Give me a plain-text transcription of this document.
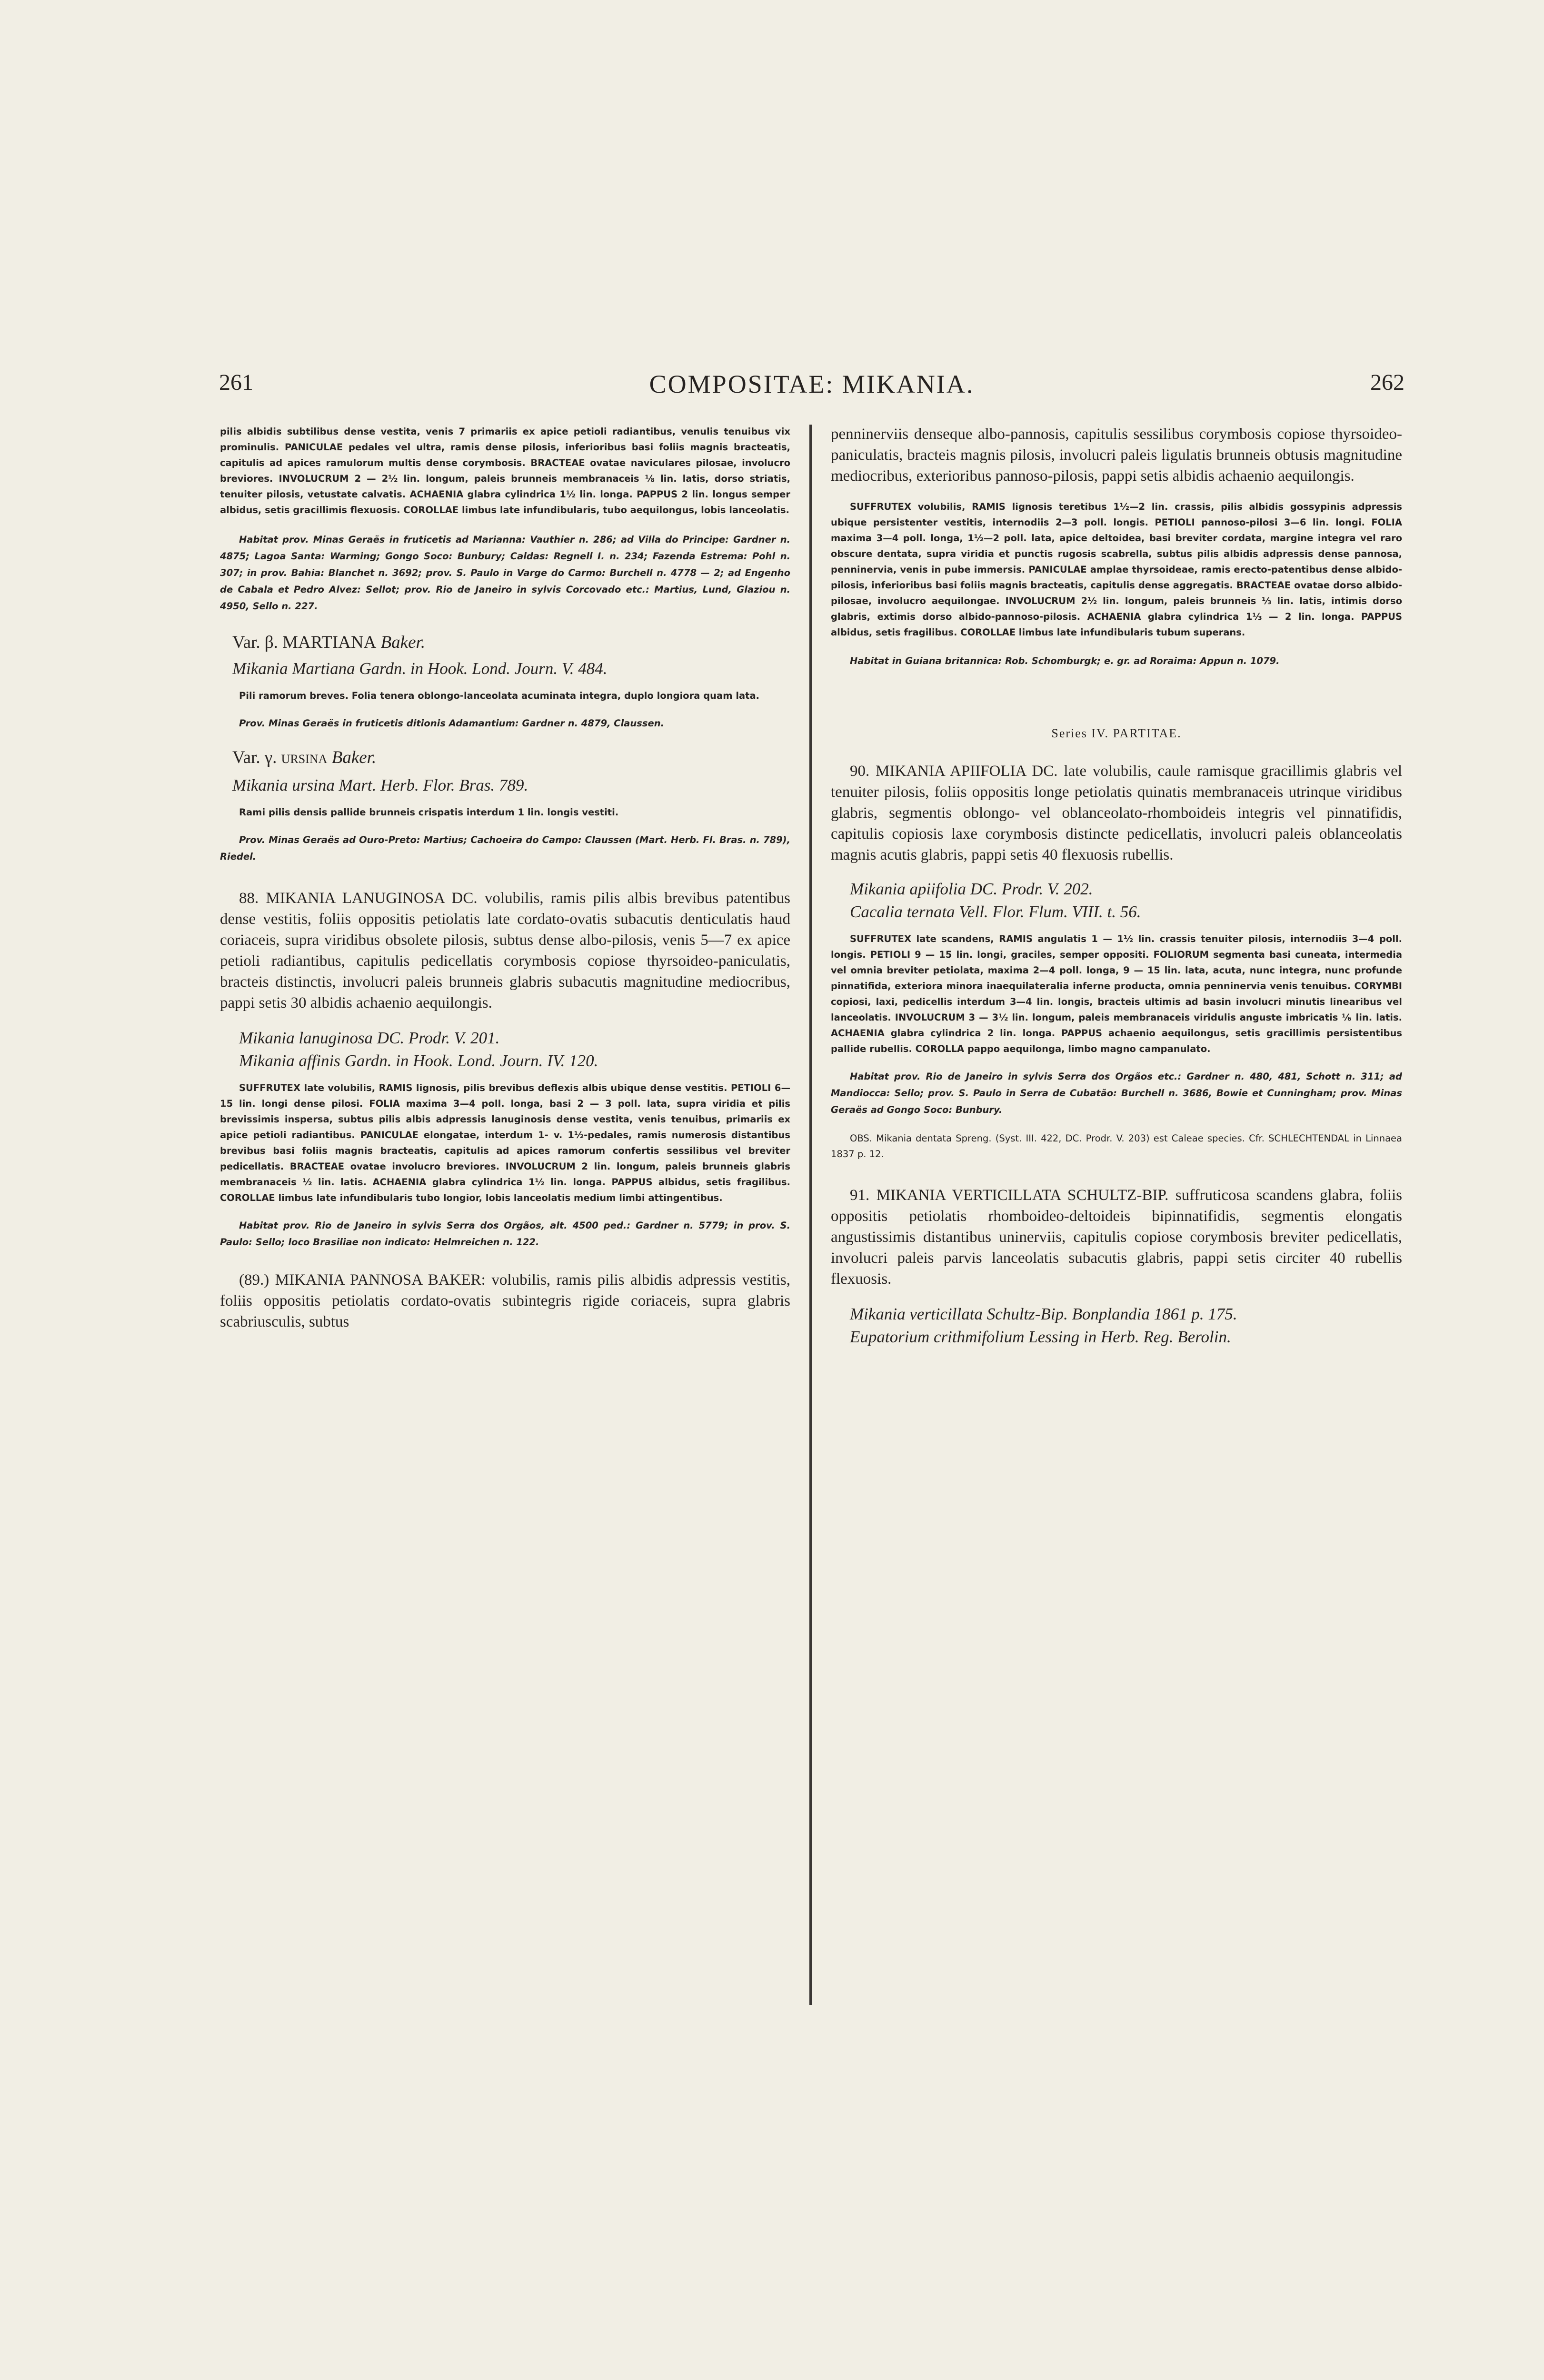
261	COMPOSITAE: MIKANIA.	262

pilis albidis subtilibus dense vestita, venis 7 primariis ex apice petioli radiantibus, venulis tenuibus vix prominulis. PANICULAE pedales vel ultra, ramis dense pilosis, inferioribus basi foliis magnis bracteatis, capitulis ad apices ramulorum multis dense corymbosis. BRACTEAE ovatae naviculares pilosae, involucro breviores. INVOLUCRUM 2 — 2½ lin. longum, paleis brunneis membranaceis ⅛ lin. latis, dorso striatis, tenuiter pilosis, vetustate calvatis. ACHAENIA glabra cylindrica 1½ lin. longa. PAPPUS 2 lin. longus semper albidus, setis gracillimis flexuosis. COROLLAE limbus late infundibularis, tubo aequilongus, lobis lanceolatis.

Habitat prov. Minas Geraës in fruticetis ad Marianna: Vauthier n. 286; ad Villa do Principe: Gardner n. 4875; Lagoa Santa: Warming; Gongo Soco: Bunbury; Caldas: Regnell I. n. 234; Fazenda Estrema: Pohl n. 307; in prov. Bahia: Blanchet n. 3692; prov. S. Paulo in Varge do Carmo: Burchell n. 4778 — 2; ad Engenho de Cabala et Pedro Alvez: Sellot; prov. Rio de Janeiro in sylvis Corcovado etc.: Martius, Lund, Glaziou n. 4950, Sello n. 227.

Var. β. MARTIANA Baker.

Mikania Martiana Gardn. in Hook. Lond. Journ. V. 484.

Pili ramorum breves. Folia tenera oblongo-lanceolata acuminata integra, duplo longiora quam lata.

Prov. Minas Geraës in fruticetis ditionis Adamantium: Gardner n. 4879, Claussen.

Var. γ. URSINA Baker.

Mikania ursina Mart. Herb. Flor. Bras. 789.

Rami pilis densis pallide brunneis crispatis interdum 1 lin. longis vestiti.

Prov. Minas Geraës ad Ouro-Preto: Martius; Cachoeira do Campo: Claussen (Mart. Herb. Fl. Bras. n. 789), Riedel.

88. MIKANIA LANUGINOSA DC. volubilis, ramis pilis albis brevibus patentibus dense vestitis, foliis oppositis petiolatis late cordato-ovatis subacutis denticulatis haud coriaceis, supra viridibus obsolete pilosis, subtus dense albo-pilosis, venis 5—7 ex apice petioli radiantibus, capitulis pedicellatis corymbosis copiose thyrsoideo-paniculatis, bracteis distinctis, involucri paleis brunneis glabris subacutis magnitudine mediocribus, pappi setis 30 albidis achaenio aequilongis.

Mikania lanuginosa DC. Prodr. V. 201.

Mikania affinis Gardn. in Hook. Lond. Journ. IV. 120.

SUFFRUTEX late volubilis, RAMIS lignosis, pilis brevibus deflexis albis ubique dense vestitis. PETIOLI 6—15 lin. longi dense pilosi. FOLIA maxima 3—4 poll. longa, basi 2 — 3 poll. lata, supra viridia et pilis brevissimis inspersa, subtus pilis albis adpressis lanuginosis dense vestita, venis tenuibus, primariis ex apice petioli radiantibus. PANICULAE elongatae, interdum 1- v. 1½-pedales, ramis numerosis distantibus brevibus basi foliis magnis bracteatis, capitulis ad apices ramorum confertis sessilibus vel breviter pedicellatis. BRACTEAE ovatae involucro breviores. INVOLUCRUM 2 lin. longum, paleis brunneis glabris membranaceis ½ lin. latis. ACHAENIA glabra cylindrica 1½ lin. longa. PAPPUS albidus, setis fragilibus. COROLLAE limbus late infundibularis tubo longior, lobis lanceolatis medium limbi attingentibus.

Habitat prov. Rio de Janeiro in sylvis Serra dos Orgãos, alt. 4500 ped.: Gardner n. 5779; in prov. S. Paulo: Sello; loco Brasiliae non indicato: Helmreichen n. 122.

(89.) MIKANIA PANNOSA BAKER: volubilis, ramis pilis albidis adpressis vestitis, foliis oppositis petiolatis cordato-ovatis subintegris rigide coriaceis, supra glabris scabriusculis, subtus

penninerviis denseque albo-pannosis, capitulis sessilibus corymbosis copiose thyrsoideo-paniculatis, bracteis magnis pilosis, involucri paleis ligulatis brunneis obtusis magnitudine mediocribus, exterioribus pannoso-pilosis, pappi setis albidis achaenio aequilongis.

SUFFRUTEX volubilis, RAMIS lignosis teretibus 1½—2 lin. crassis, pilis albidis gossypinis adpressis ubique persistenter vestitis, internodiis 2—3 poll. longis. PETIOLI pannoso-pilosi 3—6 lin. longi. FOLIA maxima 3—4 poll. longa, 1½—2 poll. lata, apice deltoidea, basi breviter cordata, margine integra vel raro obscure dentata, supra viridia et punctis rugosis scabrella, subtus pilis albidis adpressis dense pannosa, penninervia, venis in pube immersis. PANICULAE amplae thyrsoideae, ramis erecto-patentibus dense albido-pilosis, inferioribus basi foliis magnis bracteatis, capitulis dense aggregatis. BRACTEAE ovatae dorso albido-pilosae, involucro aequilongae. INVOLUCRUM 2½ lin. longum, paleis brunneis ⅓ lin. latis, intimis dorso glabris, extimis dorso albido-pannoso-pilosis. ACHAENIA glabra cylindrica 1⅓ — 2 lin. longa. PAPPUS albidus, setis fragilibus. COROLLAE limbus late infundibularis tubum superans.

Habitat in Guiana britannica: Rob. Schomburgk; e. gr. ad Roraima: Appun n. 1079.

Series IV. PARTITAE.

90. MIKANIA APIIFOLIA DC. late volubilis, caule ramisque gracillimis glabris vel tenuiter pilosis, foliis oppositis longe petiolatis quinatis membranaceis utrinque viridibus glabris, segmentis oblongo- vel oblanceolato-rhomboideis integris vel pinnatifidis, capitulis copiosis laxe corymbosis distincte pedicellatis, involucri paleis oblanceolatis magnis acutis glabris, pappi setis 40 flexuosis rubellis.

Mikania apiifolia DC. Prodr. V. 202.

Cacalia ternata Vell. Flor. Flum. VIII. t. 56.

SUFFRUTEX late scandens, RAMIS angulatis 1 — 1½ lin. crassis tenuiter pilosis, internodiis 3—4 poll. longis. PETIOLI 9 — 15 lin. longi, graciles, semper oppositi. FOLIORUM segmenta basi cuneata, intermedia vel omnia breviter petiolata, maxima 2—4 poll. longa, 9 — 15 lin. lata, acuta, nunc integra, nunc profunde pinnatifida, exteriora minora inaequilateralia inferne producta, omnia penninervia venis tenuibus. CORYMBI copiosi, laxi, pedicellis interdum 3—4 lin. longis, bracteis ultimis ad basin involucri minutis linearibus vel lanceolatis. INVOLUCRUM 3 — 3½ lin. longum, paleis membranaceis viridulis anguste imbricatis ⅙ lin. latis. ACHAENIA glabra cylindrica 2 lin. longa. PAPPUS achaenio aequilongus, setis gracillimis persistentibus pallide rubellis. COROLLA pappo aequilonga, limbo magno campanulato.

Habitat prov. Rio de Janeiro in sylvis Serra dos Orgãos etc.: Gardner n. 480, 481, Schott n. 311; ad Mandiocca: Sello; prov. S. Paulo in Serra de Cubatão: Burchell n. 3686, Bowie et Cunningham; prov. Minas Geraës ad Gongo Soco: Bunbury.

OBS. Mikania dentata Spreng. (Syst. III. 422, DC. Prodr. V. 203) est Caleae species. Cfr. SCHLECHTENDAL in Linnaea 1837 p. 12.

91. MIKANIA VERTICILLATA SCHULTZ-BIP. suffruticosa scandens glabra, foliis oppositis petiolatis rhomboideo-deltoideis bipinnatifidis, segmentis elongatis angustissimis distantibus uninerviis, capitulis copiose corymbosis breviter pedicellatis, involucri paleis parvis lanceolatis subacutis glabris, pappi setis circiter 40 rubellis flexuosis.

Mikania verticillata Schultz-Bip. Bonplandia 1861 p. 175.

Eupatorium crithmifolium Lessing in Herb. Reg. Berolin.
